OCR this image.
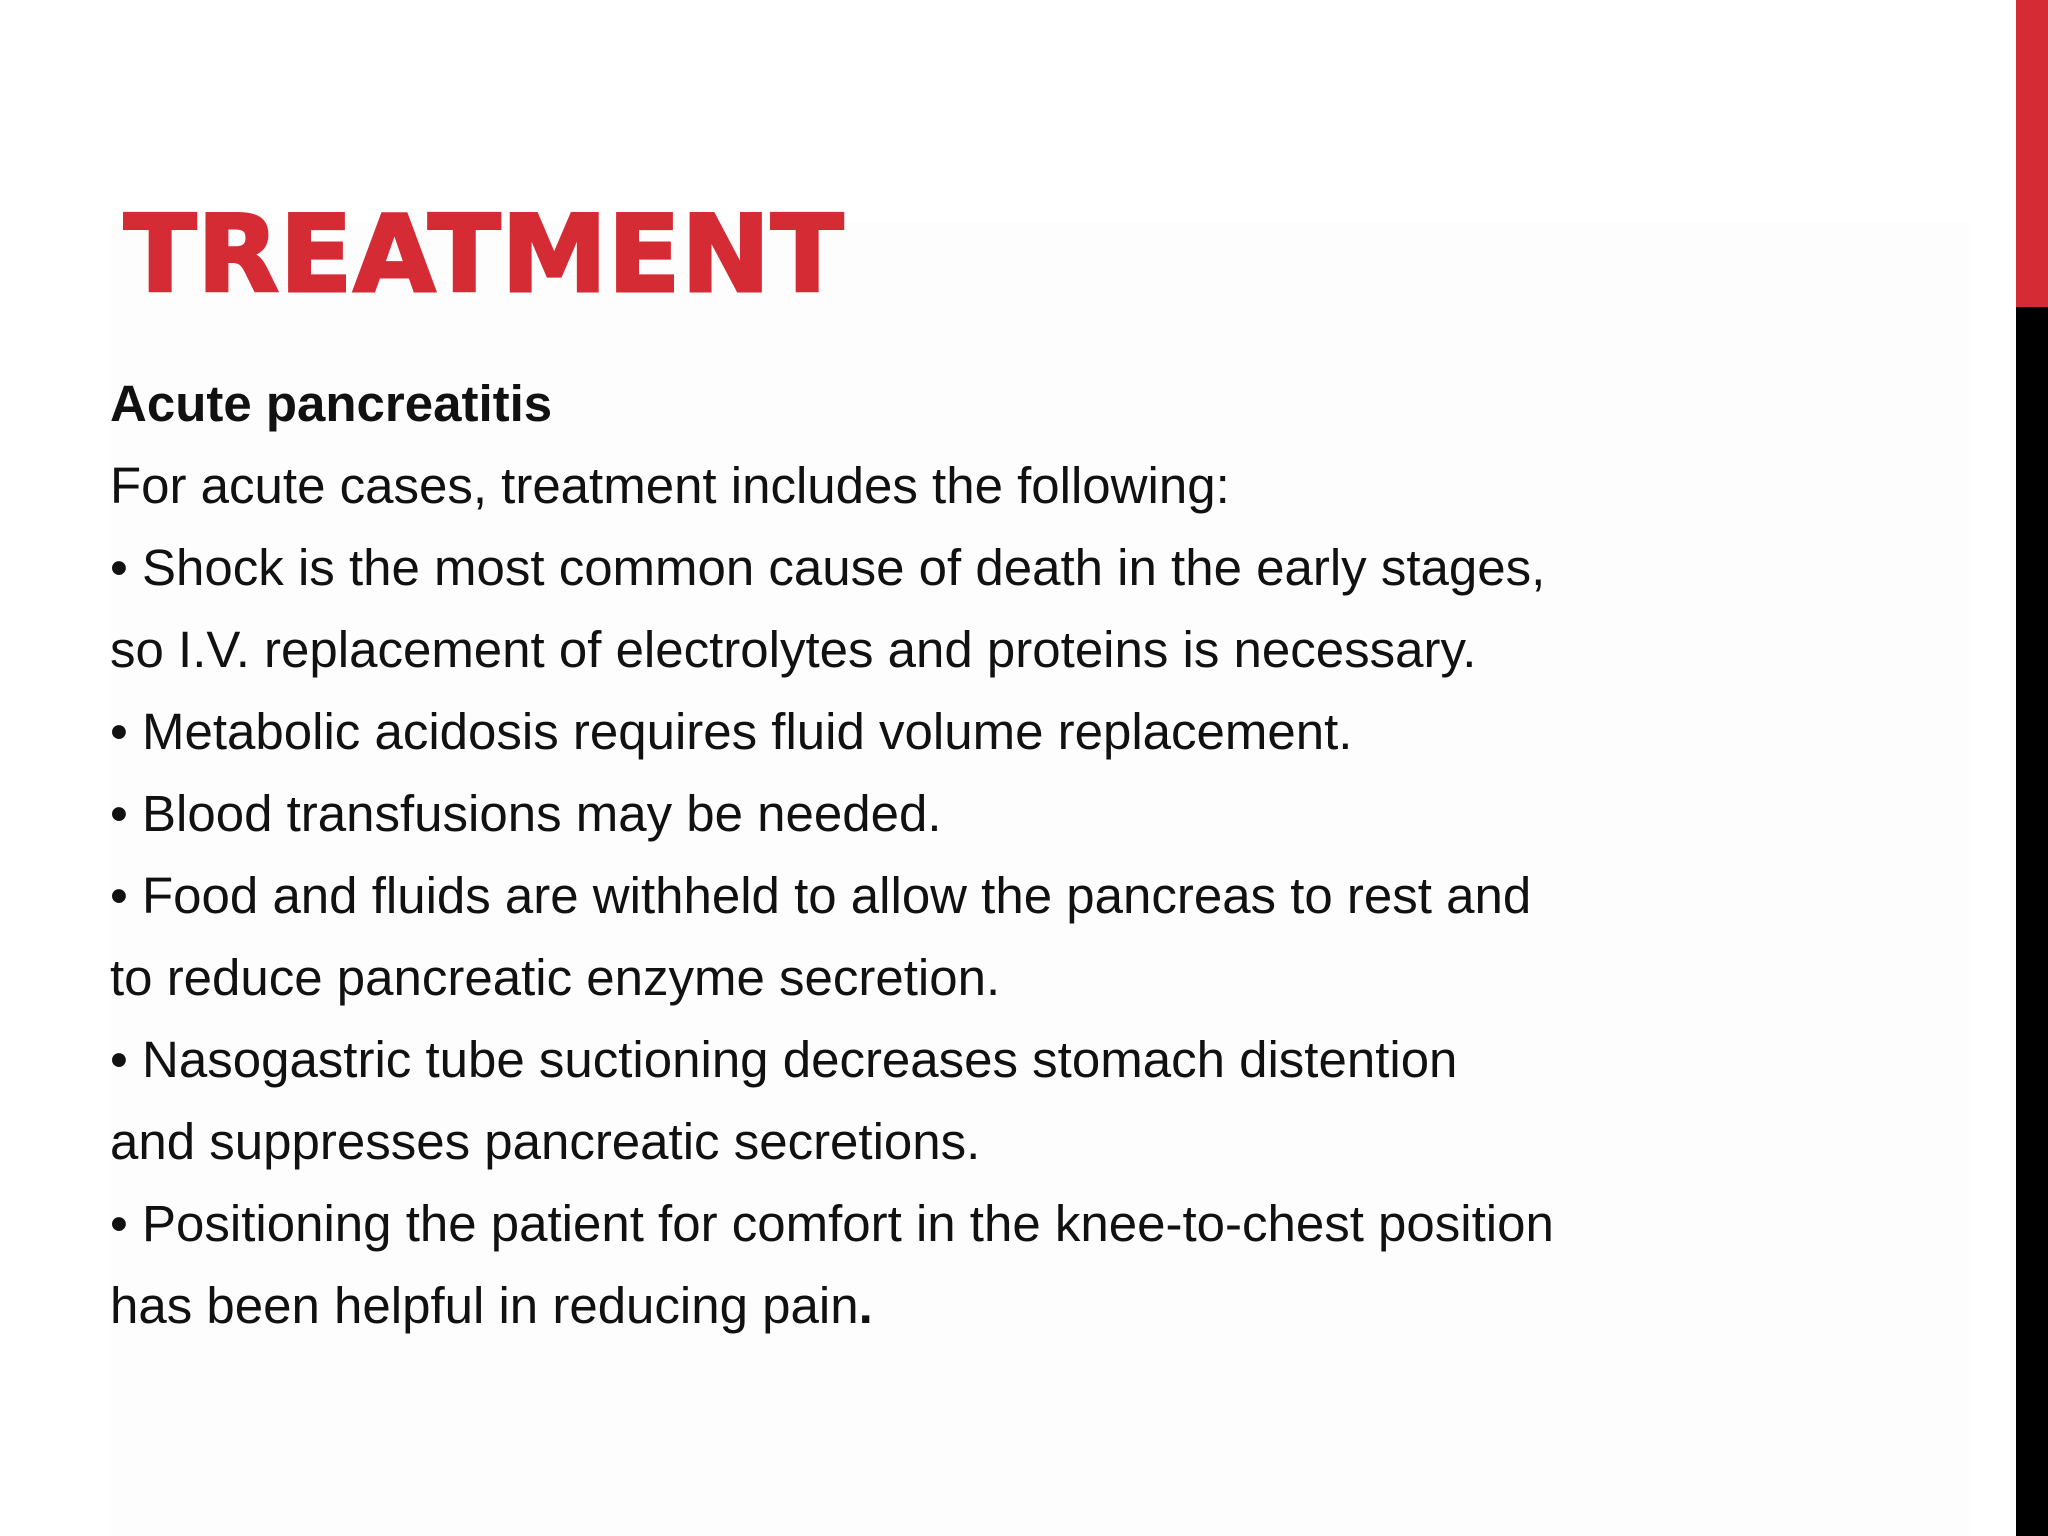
TREATMENT

Acute pancreatitis

For acute cases, treatment includes the following:

• Shock is the most common cause of death in the early stages,

so I.V. replacement of electrolytes and proteins is necessary.

• Metabolic acidosis requires fluid volume replacement.

• Blood transfusions may be needed.

• Food and fluids are withheld to allow the pancreas to rest and

to reduce pancreatic enzyme secretion.

• Nasogastric tube suctioning decreases stomach distention

and suppresses pancreatic secretions.

• Positioning the patient for comfort in the knee-to-chest position

has been helpful in reducing pain.
